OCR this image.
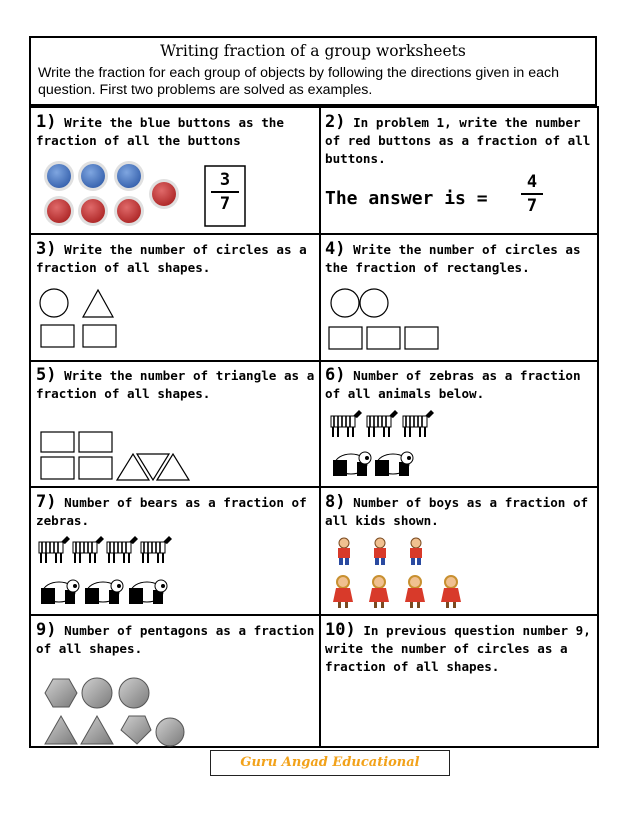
Writing fraction of a group worksheets
Write the fraction for each group of objects by following the directions given in each question. First two problems are solved as examples.
1) Write the blue buttons as the fraction of all the buttons
3
7
2) In problem 1, write the number of red buttons as a fraction of all buttons.
The answer is =
4
7
3) Write the number of circles as a fraction of all shapes.
4) Write the number of circles as the fraction of rectangles.
5) Write the number of triangle as a fraction of all shapes.
6) Number of zebras as a fraction of all animals below.
7) Number of bears as a fraction of zebras.
8) Number of boys as a fraction of all kids shown.
9) Number of pentagons as a fraction of all shapes.
10) In previous question number 9, write the number of circles as a fraction of all shapes.
Guru Angad Educational
